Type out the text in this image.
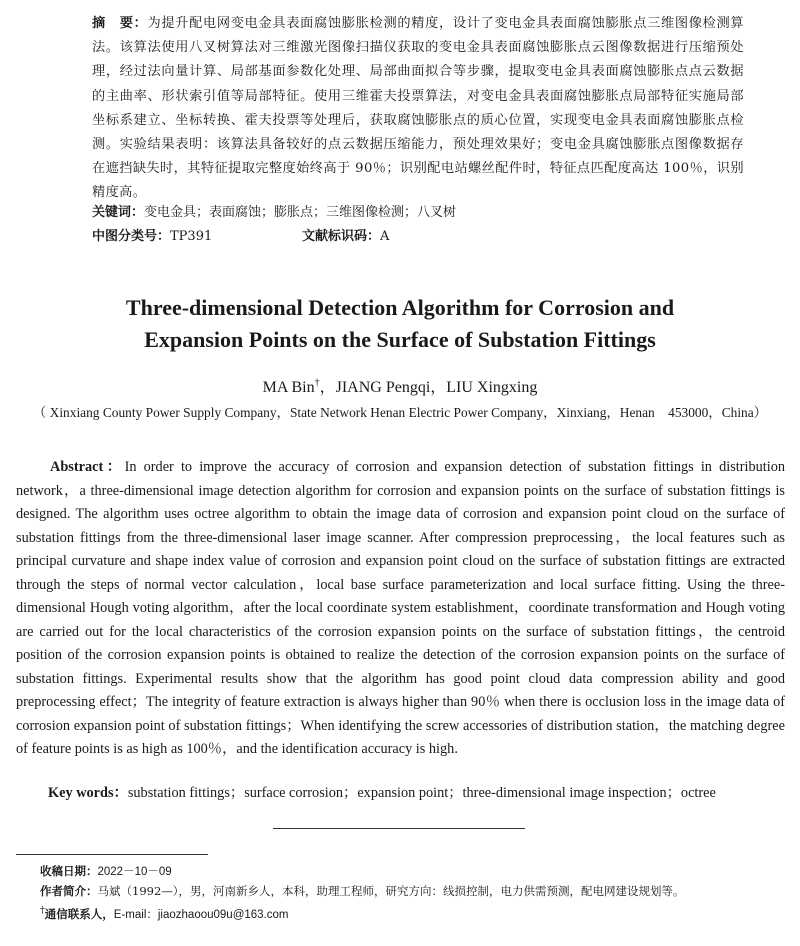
摘　要：为提升配电网变电金具表面腐蚀膨胀检测的精度，设计了变电金具表面腐蚀膨胀点三维图像检测算法。该算法使用八叉树算法对三维激光图像扫描仪获取的变电金具表面腐蚀膨胀点云图像数据进行压缩预处理，经过法向量计算、局部基面参数化处理、局部曲面拟合等步骤，提取变电金具表面腐蚀膨胀点点云数据的主曲率、形状索引值等局部特征。使用三维霍夫投票算法，对变电金具表面腐蚀膨胀点局部特征实施局部坐标系建立、坐标转换、霍夫投票等处理后，获取腐蚀膨胀点的质心位置，实现变电金具表面腐蚀膨胀点检测。实验结果表明：该算法具备较好的点云数据压缩能力，预处理效果好；变电金具腐蚀膨胀点图像数据存在遮挡缺失时，其特征提取完整度始终高于 90％；识别配电站螺丝配件时，特征点匹配度高达 100％，识别精度高。
关键词：变电金具；表面腐蚀；膨胀点；三维图像检测；八叉树
中图分类号：TP391	文献标识码：A
Three-dimensional Detection Algorithm for Corrosion and
Expansion Points on the Surface of Substation Fittings
MA Bin†，JIANG Pengqi，LIU Xingxing
（ Xinxiang County Power Supply Company，State Network Henan Electric Power Company，Xinxiang，Henan　453000，China）
Abstract：In order to improve the accuracy of corrosion and expansion detection of substation fittings in distribution network，a three-dimensional image detection algorithm for corrosion and expansion points on the surface of substation fittings is designed. The algorithm uses octree algorithm to obtain the image data of corrosion and expansion point cloud on the surface of substation fittings from the three-dimensional laser image scanner. After compression preprocessing，the local features such as principal curvature and shape index value of corrosion and expansion point cloud on the surface of substation fittings are extracted through the steps of normal vector calculation，local base surface parameterization and local surface fitting. Using the three-dimensional Hough voting algorithm，after the local coordinate system establishment，coordinate transformation and Hough voting are carried out for the local characteristics of the corrosion expansion points on the surface of substation fittings，the centroid position of the corrosion expansion points is obtained to realize the detection of the corrosion expansion points on the surface of substation fittings. Experimental results show that the algorithm has good point cloud data compression ability and good preprocessing effect；The integrity of feature extraction is always higher than 90％ when there is occlusion loss in the image data of corrosion expansion point of substation fittings；When identifying the screw accessories of distribution station，the matching degree of feature points is as high as 100％，and the identification accuracy is high.
Key words：substation fittings；surface corrosion；expansion point；three-dimensional image inspection；octree
收稿日期：2022－10－09
作者简介：马斌（1992—），男，河南新乡人，本科，助理工程师，研究方向：线损控制，电力供需预测，配电网建设规划等。
†通信联系人，E-mail：jiaozhaoou09u@163.com
